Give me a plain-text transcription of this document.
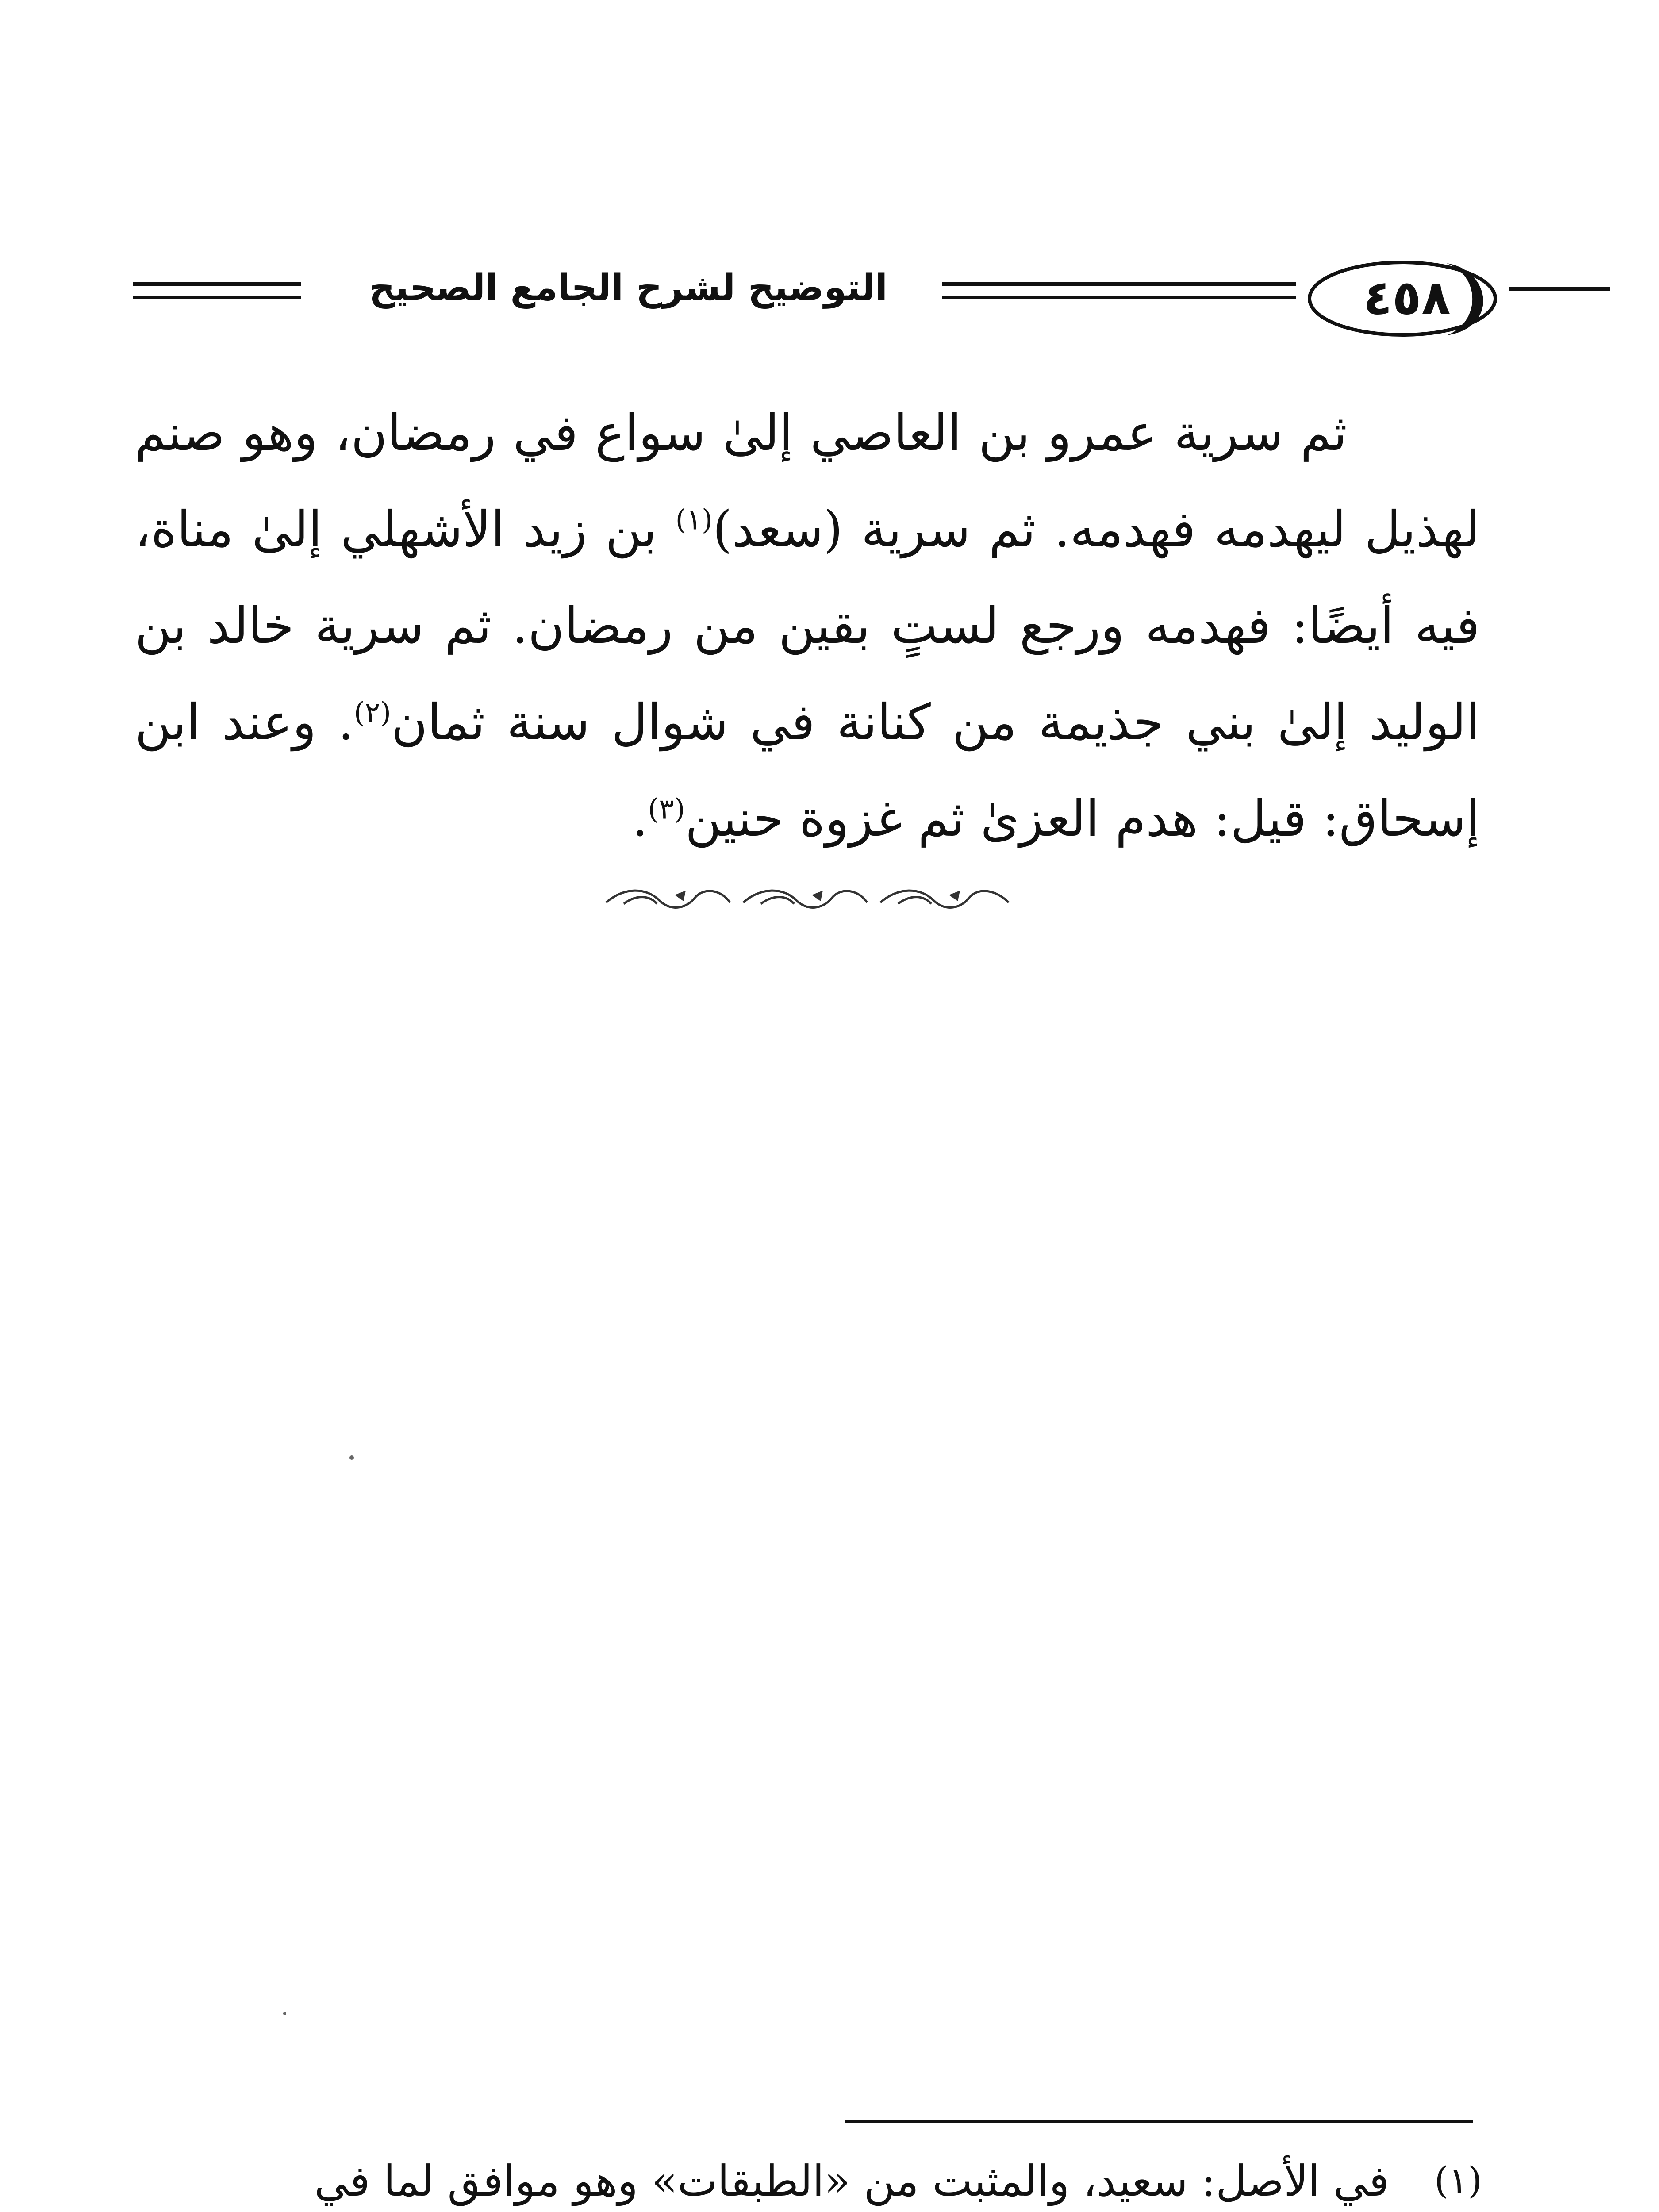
التوضيح لشرح الجامع الصحيح	٤٥٨

ثم سرية عمرو بن العاصي إلىٰ سواع في رمضان، وهو صنم لهذيل ليهدمه فهدمه. ثم سرية (سعد)$^{(١)}$ بن زيد الأشهلي إلىٰ مناة، فيه أيضًا: فهدمه ورجع لستٍ بقين من رمضان. ثم سرية خالد بن الوليد إلىٰ بني جذيمة من كنانة في شوال سنة ثمان$^{(٢)}$. وعند ابن إسحاق: قيل: هدم العزىٰ ثم غزوة حنين$^{(٣)}$.

(١)
في الأصل: سعيد، والمثبت من «الطبقات» وهو موافق لما في
